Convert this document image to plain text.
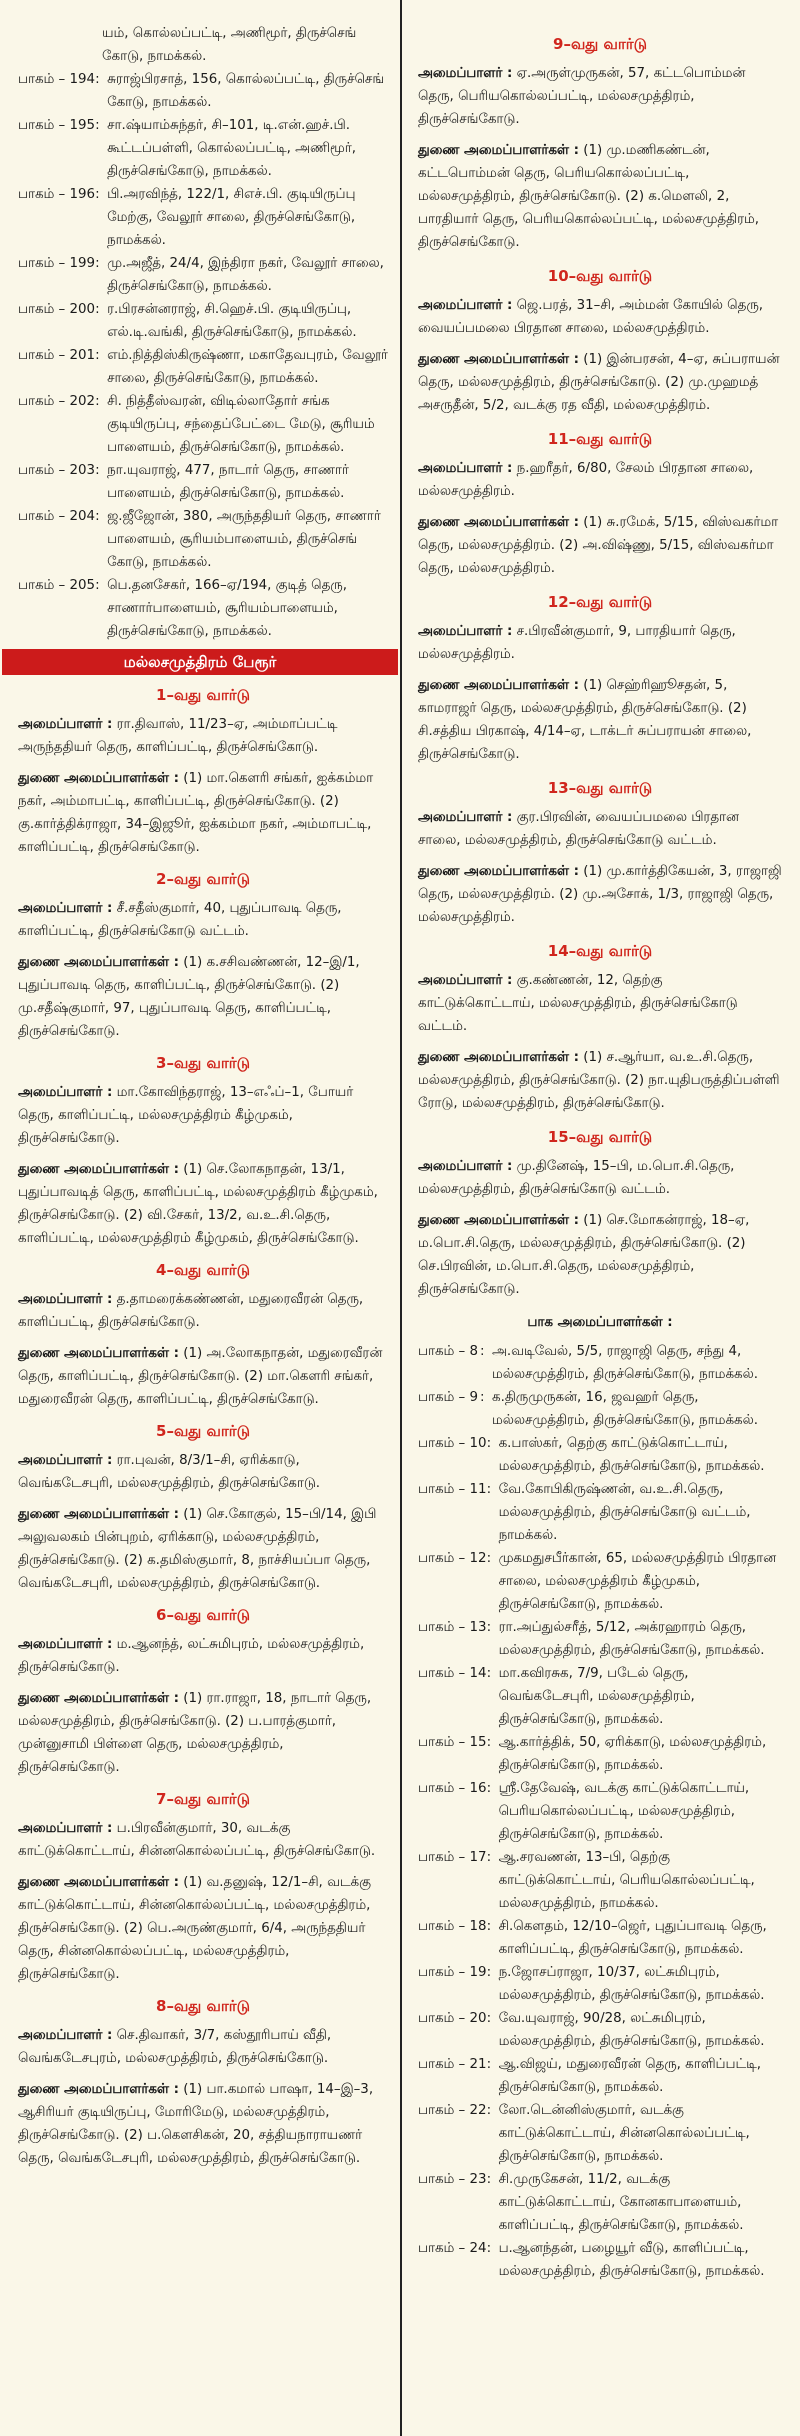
யம், கொல்லப்பட்டி, அணிமூர், திருச்செங் கோடு, நாமக்கல்.
பாகம் – 194 : சுராஜ்பிரசாத், 156, கொல்லப்பட்டி, திருச்செங் கோடு, நாமக்கல்.
பாகம் – 195 : சா.ஷ்யாம்சுந்தர், சி–101, டி.என்.ஹச்.பி. கூட்டப்பள்ளி, கொல்லப்பட்டி, அணிமூர், திருச்செங்கோடு, நாமக்கல்.
பாகம் – 196 : பி.அரவிந்த், 122/1, சிஎச்.பி. குடியிருப்பு மேற்கு, வேலூர் சாலை, திருச்செங்கோடு, நாமக்கல்.
பாகம் – 199 : மு.அஜீத், 24/4, இந்திரா நகர், வேலூர் சாலை, திருச்செங்கோடு, நாமக்கல்.
பாகம் – 200 : ர.பிரசன்னராஜ், சி.ஹெச்.பி. குடியிருப்பு, எல்.டி.வங்கி, திருச்செங்கோடு, நாமக்கல்.
பாகம் – 201 : எம்.நித்திஸ்கிருஷ்ணா, மகாதேவபுரம், வேலூர் சாலை, திருச்செங்கோடு, நாமக்கல்.
பாகம் – 202 : சி. நித்தீஸ்வரன், விடில்லாதோர் சங்க குடியிருப்பு, சந்தைப்பேட்டை மேடு, சூரியம் பாளையம், திருச்செங்கோடு, நாமக்கல்.
பாகம் – 203 : நா.யுவராஜ், 477, நாடார் தெரு, சாணார் பாளையம், திருச்செங்கோடு, நாமக்கல்.
பாகம் – 204 : ஜ.ஜீஜோன், 380, அருந்ததியர் தெரு, சாணார் பாளையம், சூரியம்பாளையம், திருச்செங் கோடு, நாமக்கல்.
பாகம் – 205 : பெ.தனசேகர், 166–ஏ/194, குடித் தெரு, சாணார்பாளையம், சூரியம்பாளையம், திருச்செங்கோடு, நாமக்கல்.
மல்லசமுத்திரம் பேரூர்
1–வது வார்டு
அமைப்பாளர் : ரா.திவாஸ், 11/23–ஏ, அம்மாப்பட்டி அருந்ததியர் தெரு, காளிப்பட்டி, திருச்செங்கோடு.
துணை அமைப்பாளர்கள் : (1) மா.கௌரி சங்கர், ஐக்கம்மா நகர், அம்மாபட்டி, காளிப்பட்டி, திருச்செங்கோடு. (2) கு.கார்த்திக்ராஜா, 34–இஜூர், ஐக்கம்மா நகர், அம்மாபட்டி, காளிப்பட்டி, திருச்செங்கோடு.
2–வது வார்டு
அமைப்பாளர் : சீ.சதீஸ்குமார், 40, புதுப்பாவடி தெரு, காளிப்பட்டி, திருச்செங்கோடு வட்டம்.
துணை அமைப்பாளர்கள் : (1) க.சசிவண்ணன், 12–இ/1, புதுப்பாவடி தெரு, காளிப்பட்டி, திருச்செங்கோடு. (2) மு.சதீஷ்குமார், 97, புதுப்பாவடி தெரு, காளிப்பட்டி, திருச்செங்கோடு.
3–வது வார்டு
அமைப்பாளர் : மா.கோவிந்தராஜ், 13–எஃப்–1, போயர் தெரு, காளிப்பட்டி, மல்லசமுத்திரம் கீழ்முகம், திருச்செங்கோடு.
துணை அமைப்பாளர்கள் : (1) செ.லோகநாதன், 13/1, புதுப்பாவடித் தெரு, காளிப்பட்டி, மல்லசமுத்திரம் கீழ்முகம், திருச்செங்கோடு. (2) வி.சேகர், 13/2, வ.உ.சி.தெரு, காளிப்பட்டி, மல்லசமுத்திரம் கீழ்முகம், திருச்செங்கோடு.
4–வது வார்டு
அமைப்பாளர் : த.தாமரைக்கண்ணன், மதுரைவீரன் தெரு, காளிப்பட்டி, திருச்செங்கோடு.
துணை அமைப்பாளர்கள் : (1) அ.லோகநாதன், மதுரைவீரன் தெரு, காளிப்பட்டி, திருச்செங்கோடு. (2) மா.கௌரி சங்கர், மதுரைவீரன் தெரு, காளிப்பட்டி, திருச்செங்கோடு.
5–வது வார்டு
அமைப்பாளர் : ரா.புவன், 8/3/1–சி, ஏரிக்காடு, வெங்கடேசபுரி, மல்லசமுத்திரம், திருச்செங்கோடு.
துணை அமைப்பாளர்கள் : (1) செ.கோகுல், 15–பி/14, இபி அலுவலகம் பின்புறம், ஏரிக்காடு, மல்லசமுத்திரம், திருச்செங்கோடு. (2) க.தமிஸ்குமார், 8, நாச்சியப்பா தெரு, வெங்கடேசபுரி, மல்லசமுத்திரம், திருச்செங்கோடு.
6–வது வார்டு
அமைப்பாளர் : ம.ஆனந்த், லட்சுமிபுரம், மல்லசமுத்திரம், திருச்செங்கோடு.
துணை அமைப்பாளர்கள் : (1) ரா.ராஜா, 18, நாடார் தெரு, மல்லசமுத்திரம், திருச்செங்கோடு. (2) ப.பாரத்குமார், முன்னுசாமி பிள்ளை தெரு, மல்லசமுத்திரம், திருச்செங்கோடு.
7–வது வார்டு
அமைப்பாளர் : ப.பிரவீன்குமார், 30, வடக்கு காட்டுக்கொட்டாய், சின்னகொல்லப்பட்டி, திருச்செங்கோடு.
துணை அமைப்பாளர்கள் : (1) வ.தனுஷ், 12/1–சி, வடக்கு காட்டுக்கொட்டாய், சின்னகொல்லப்பட்டி, மல்லசமுத்திரம், திருச்செங்கோடு. (2) பெ.அருண்குமார், 6/4, அருந்ததியர் தெரு, சின்னகொல்லப்பட்டி, மல்லசமுத்திரம், திருச்செங்கோடு.
8–வது வார்டு
அமைப்பாளர் : செ.திவாகர், 3/7, கஸ்தூரிபாய் வீதி, வெங்கடேசபுரம், மல்லசமுத்திரம், திருச்செங்கோடு.
துணை அமைப்பாளர்கள் : (1) பா.கமால் பாஷா, 14–இ–3, ஆசிரியர் குடியிருப்பு, மோரிமேடு, மல்லசமுத்திரம், திருச்செங்கோடு. (2) ப.கௌசிகன், 20, சத்தியநாராயணர் தெரு, வெங்கடேசபுரி, மல்லசமுத்திரம், திருச்செங்கோடு.
9–வது வார்டு
அமைப்பாளர் : ஏ.அருள்முருகன், 57, கட்டபொம்மன் தெரு, பெரியகொல்லப்பட்டி, மல்லசமுத்திரம், திருச்செங்கோடு.
துணை அமைப்பாளர்கள் : (1) மு.மணிகண்டன், கட்டபொம்மன் தெரு, பெரியகொல்லப்பட்டி, மல்லசமுத்திரம், திருச்செங்கோடு. (2) க.மௌலி, 2, பாரதியார் தெரு, பெரியகொல்லப்பட்டி, மல்லசமுத்திரம், திருச்செங்கோடு.
10–வது வார்டு
அமைப்பாளர் : ஜெ.பரத், 31–சி, அம்மன் கோயில் தெரு, வையப்பமலை பிரதான சாலை, மல்லசமுத்திரம்.
துணை அமைப்பாளர்கள் : (1) இன்பரசன், 4–ஏ, சுப்பராயன் தெரு, மல்லசமுத்திரம், திருச்செங்கோடு. (2) மு.முஹமத் அசருதீன், 5/2, வடக்கு ரத வீதி, மல்லசமுத்திரம்.
11–வது வார்டு
அமைப்பாளர் : ந.ஹரீதர், 6/80, சேலம் பிரதான சாலை, மல்லசமுத்திரம்.
துணை அமைப்பாளர்கள் : (1) சு.ரமேக், 5/15, விஸ்வகர்மா தெரு, மல்லசமுத்திரம். (2) அ.விஷ்ணு, 5/15, விஸ்வகர்மா தெரு, மல்லசமுத்திரம்.
12–வது வார்டு
அமைப்பாளர் : ச.பிரவீன்குமார், 9, பாரதியார் தெரு, மல்லசமுத்திரம்.
துணை அமைப்பாளர்கள் : (1) செஹ்ரிஹூசதன், 5, காமராஜர் தெரு, மல்லசமுத்திரம், திருச்செங்கோடு. (2) சி.சத்திய பிரகாஷ், 4/14–ஏ, டாக்டர் சுப்பராயன் சாலை, திருச்செங்கோடு.
13–வது வார்டு
அமைப்பாளர் : குர.பிரவின், வையப்பமலை பிரதான சாலை, மல்லசமுத்திரம், திருச்செங்கோடு வட்டம்.
துணை அமைப்பாளர்கள் : (1) மு.கார்த்திகேயன், 3, ராஜாஜி தெரு, மல்லசமுத்திரம். (2) மு.அசோக், 1/3, ராஜாஜி தெரு, மல்லசமுத்திரம்.
14–வது வார்டு
அமைப்பாளர் : கு.கண்ணன், 12, தெற்கு காட்டுக்கொட்டாய், மல்லசமுத்திரம், திருச்செங்கோடு வட்டம்.
துணை அமைப்பாளர்கள் : (1) ச.ஆர்யா, வ.உ.சி.தெரு, மல்லசமுத்திரம், திருச்செங்கோடு. (2) நா.யுதிபருத்திப்பள்ளி ரோடு, மல்லசமுத்திரம், திருச்செங்கோடு.
15–வது வார்டு
அமைப்பாளர் : மு.தினேஷ், 15–பி, ம.பொ.சி.தெரு, மல்லசமுத்திரம், திருச்செங்கோடு வட்டம்.
துணை அமைப்பாளர்கள் : (1) செ.மோகன்ராஜ், 18–ஏ, ம.பொ.சி.தெரு, மல்லசமுத்திரம், திருச்செங்கோடு. (2) செ.பிரவின், ம.பொ.சி.தெரு, மல்லசமுத்திரம், திருச்செங்கோடு.
பாக அமைப்பாளர்கள் :
பாகம் – 8 : அ.வடிவேல், 5/5, ராஜாஜி தெரு, சந்து 4, மல்லசமுத்திரம், திருச்செங்கோடு, நாமக்கல்.
பாகம் – 9 : க.திருமுருகன், 16, ஜவஹர் தெரு, மல்லசமுத்திரம், திருச்செங்கோடு, நாமக்கல்.
பாகம் – 10 : க.பாஸ்கர், தெற்கு காட்டுக்கொட்டாய், மல்லசமுத்திரம், திருச்செங்கோடு, நாமக்கல்.
பாகம் – 11 : வே.கோபிகிருஷ்ணன், வ.உ.சி.தெரு, மல்லசமுத்திரம், திருச்செங்கோடு வட்டம், நாமக்கல்.
பாகம் – 12 : முகமதுசபீர்கான், 65, மல்லசமுத்திரம் பிரதான சாலை, மல்லசமுத்திரம் கீழ்முகம், திருச்செங்கோடு, நாமக்கல்.
பாகம் – 13 : ரா.அப்துல்சரீத், 5/12, அக்ரஹாரம் தெரு, மல்லசமுத்திரம், திருச்செங்கோடு, நாமக்கல்.
பாகம் – 14 : மா.கவிரசுக, 7/9, படேல் தெரு, வெங்கடேசபுரி, மல்லசமுத்திரம், திருச்செங்கோடு, நாமக்கல்.
பாகம் – 15 : ஆ.கார்த்திக், 50, ஏரிக்காடு, மல்லசமுத்திரம், திருச்செங்கோடு, நாமக்கல்.
பாகம் – 16 : ஸ்ரீ.தேவேஷ், வடக்கு காட்டுக்கொட்டாய், பெரியகொல்லப்பட்டி, மல்லசமுத்திரம், திருச்செங்கோடு, நாமக்கல்.
பாகம் – 17 : ஆ.சரவணன், 13–பி, தெற்கு காட்டுக்கொட்டாய், பெரியகொல்லப்பட்டி, மல்லசமுத்திரம், நாமக்கல்.
பாகம் – 18 : சி.கௌதம், 12/10–ஜெர், புதுப்பாவடி தெரு, காளிப்பட்டி, திருச்செங்கோடு, நாமக்கல்.
பாகம் – 19 : ந.ஜோசப்ராஜா, 10/37, லட்சுமிபுரம், மல்லசமுத்திரம், திருச்செங்கோடு, நாமக்கல்.
பாகம் – 20 : வே.யுவராஜ், 90/28, லட்சுமிபுரம், மல்லசமுத்திரம், திருச்செங்கோடு, நாமக்கல்.
பாகம் – 21 : ஆ.விஜய், மதுரைவீரன் தெரு, காளிப்பட்டி, திருச்செங்கோடு, நாமக்கல்.
பாகம் – 22 : லோ.டென்னிஸ்குமார், வடக்கு காட்டுக்கொட்டாய், சின்னகொல்லப்பட்டி, திருச்செங்கோடு, நாமக்கல்.
பாகம் – 23 : சி.முருகேசன், 11/2, வடக்கு காட்டுக்கொட்டாய், கோனகாபாளையம், காளிப்பட்டி, திருச்செங்கோடு, நாமக்கல்.
பாகம் – 24 : ப.ஆனந்தன், பழையூர் வீடு, காளிப்பட்டி, மல்லசமுத்திரம், திருச்செங்கோடு, நாமக்கல்.
